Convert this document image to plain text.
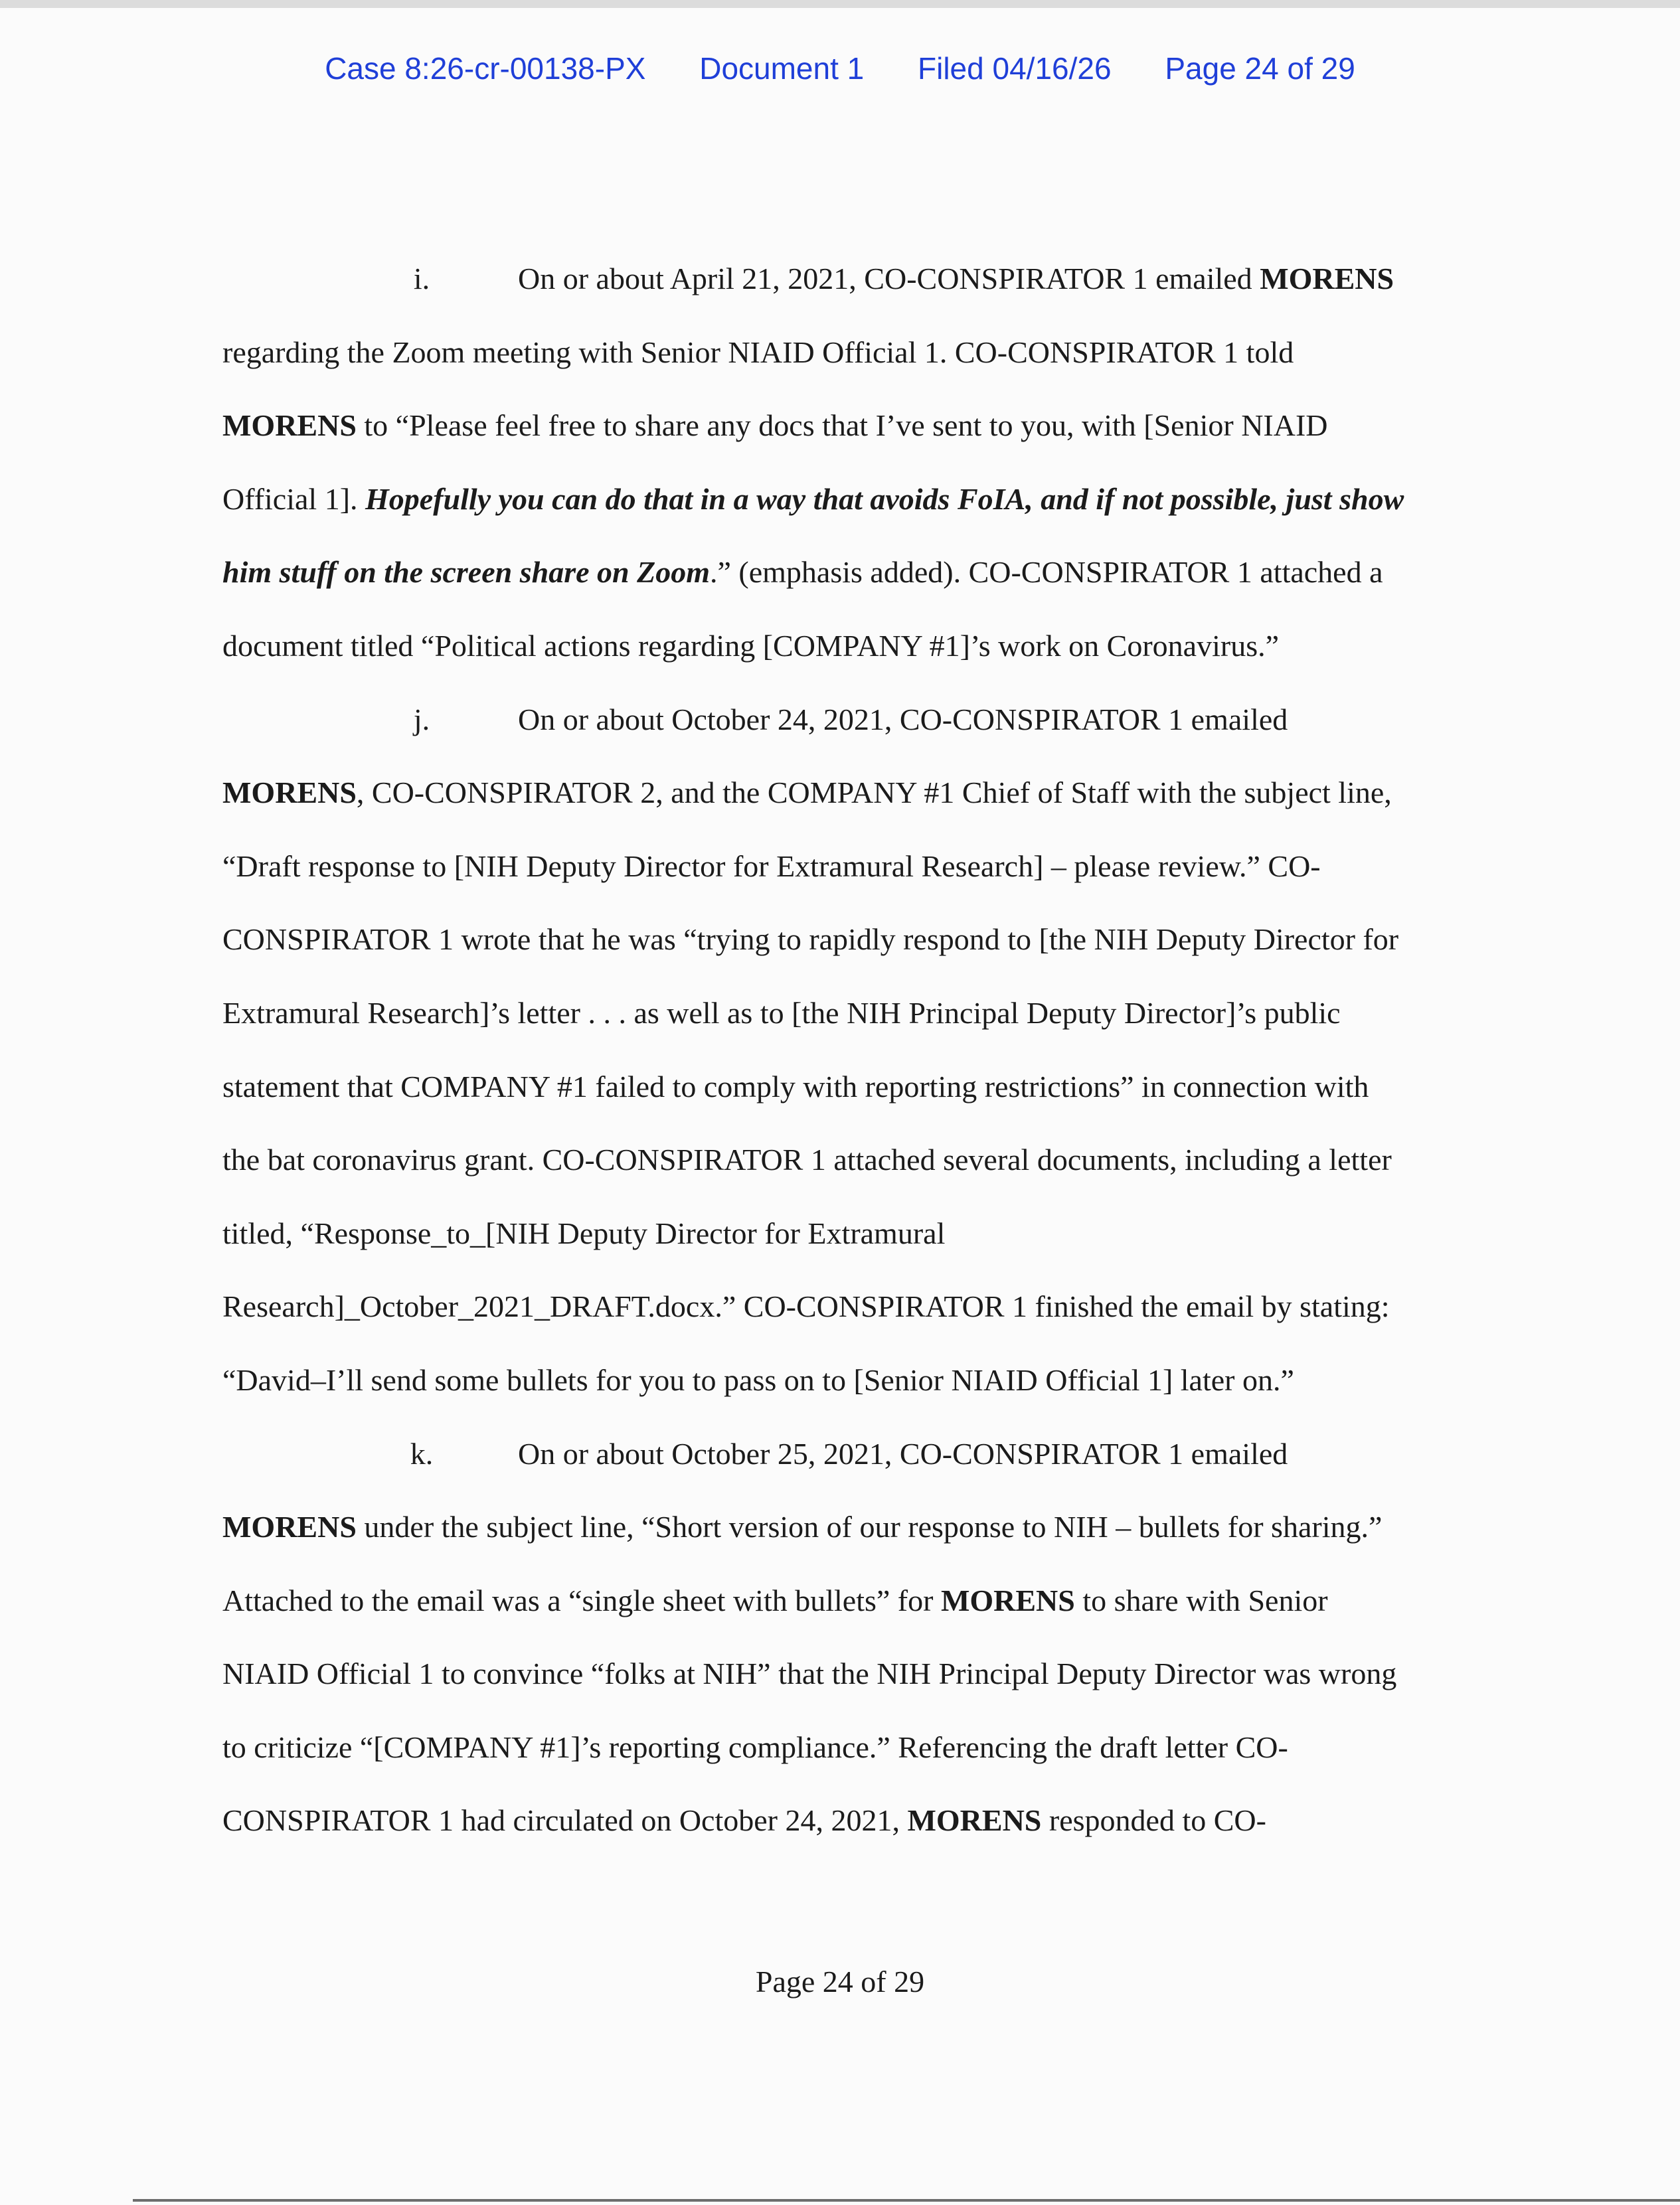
Case 8:26-cr-00138-PX Document 1 Filed 04/16/26 Page 24 of 29
i.	On or about April 21, 2021, CO-CONSPIRATOR 1 emailed MORENS
regarding the Zoom meeting with Senior NIAID Official 1. CO-CONSPIRATOR 1 told
MORENS to “Please feel free to share any docs that I’ve sent to you, with [Senior NIAID
Official 1]. Hopefully you can do that in a way that avoids FoIA, and if not possible, just show
him stuff on the screen share on Zoom.” (emphasis added). CO-CONSPIRATOR 1 attached a
document titled “Political actions regarding [COMPANY #1]’s work on Coronavirus.”
j.	On or about October 24, 2021, CO-CONSPIRATOR 1 emailed
MORENS, CO-CONSPIRATOR 2, and the COMPANY #1 Chief of Staff with the subject line,
“Draft response to [NIH Deputy Director for Extramural Research] – please review.” CO-
CONSPIRATOR 1 wrote that he was “trying to rapidly respond to [the NIH Deputy Director for
Extramural Research]’s letter . . . as well as to [the NIH Principal Deputy Director]’s public
statement that COMPANY #1 failed to comply with reporting restrictions” in connection with
the bat coronavirus grant. CO-CONSPIRATOR 1 attached several documents, including a letter
titled, “Response_to_[NIH Deputy Director for Extramural
Research]_October_2021_DRAFT.docx.” CO-CONSPIRATOR 1 finished the email by stating:
“David–I’ll send some bullets for you to pass on to [Senior NIAID Official 1] later on.”
k.	On or about October 25, 2021, CO-CONSPIRATOR 1 emailed
MORENS under the subject line, “Short version of our response to NIH – bullets for sharing.”
Attached to the email was a “single sheet with bullets” for MORENS to share with Senior
NIAID Official 1 to convince “folks at NIH” that the NIH Principal Deputy Director was wrong
to criticize “[COMPANY #1]’s reporting compliance.” Referencing the draft letter CO-
CONSPIRATOR 1 had circulated on October 24, 2021, MORENS responded to CO-
Page 24 of 29
